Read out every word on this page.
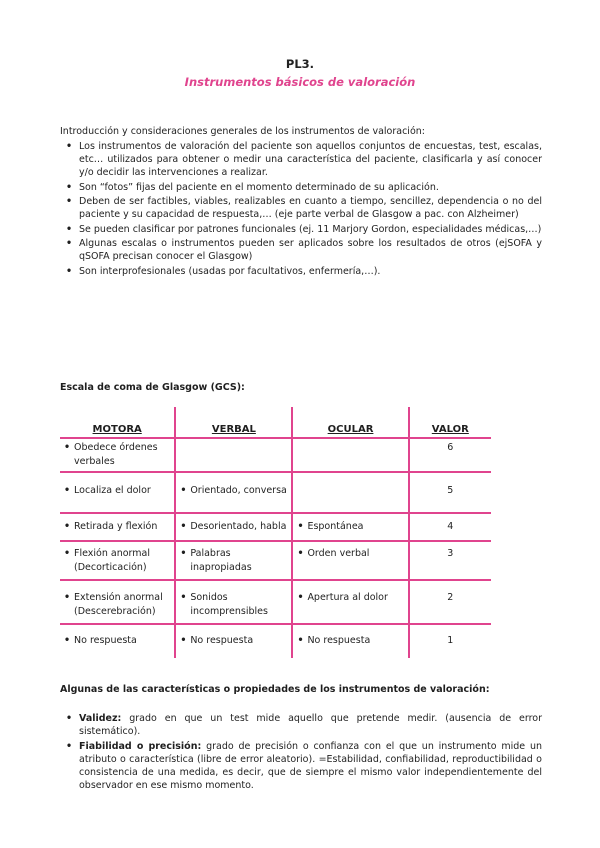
PL3.
Instrumentos básicos de valoración
Introducción y consideraciones generales de los instrumentos de valoración:
• Los instrumentos de valoración del paciente son aquellos conjuntos de encuestas, test, escalas, etc… utilizados para obtener o medir una característica del paciente, clasificarla y así conocer y/o decidir las intervenciones a realizar.
• Son “fotos” fijas del paciente en el momento determinado de su aplicación.
• Deben de ser factibles, viables, realizables en cuanto a tiempo, sencillez, dependencia o no del paciente y su capacidad de respuesta,… (eje parte verbal de Glasgow a pac. con Alzheimer)
• Se pueden clasificar por patrones funcionales (ej. 11 Marjory Gordon, especialidades médicas,…)
• Algunas escalas o instrumentos pueden ser aplicados sobre los resultados de otros (ejSOFA y qSOFA precisan conocer el Glasgow)
• Son interprofesionales (usadas por facultativos, enfermería,…).
Escala de coma de Glasgow (GCS):
MOTORA	VERBAL	OCULAR	VALOR

• Obedece órdenes verbales			6

• Localiza el dolor	• Orientado, conversa		5

• Retirada y flexión	• Desorientado, habla	• Espontánea	4

• Flexión anormal (Decorticación)	• Palabras inapropiadas	• Orden verbal	3

• Extensión anormal (Descerebración)	• Sonidos incomprensibles	• Apertura al dolor	2

• No respuesta	• No respuesta	• No respuesta	1
Algunas de las características o propiedades de los instrumentos de valoración:
• Validez: grado en que un test mide aquello que pretende medir. (ausencia de error sistemático).
• Fiabilidad o precisión: grado de precisión o confianza con el que un instrumento mide un atributo o característica (libre de error aleatorio). =Estabilidad, confiabilidad, reproductibilidad o consistencia de una medida, es decir, que de siempre el mismo valor independientemente del observador en ese mismo momento.
